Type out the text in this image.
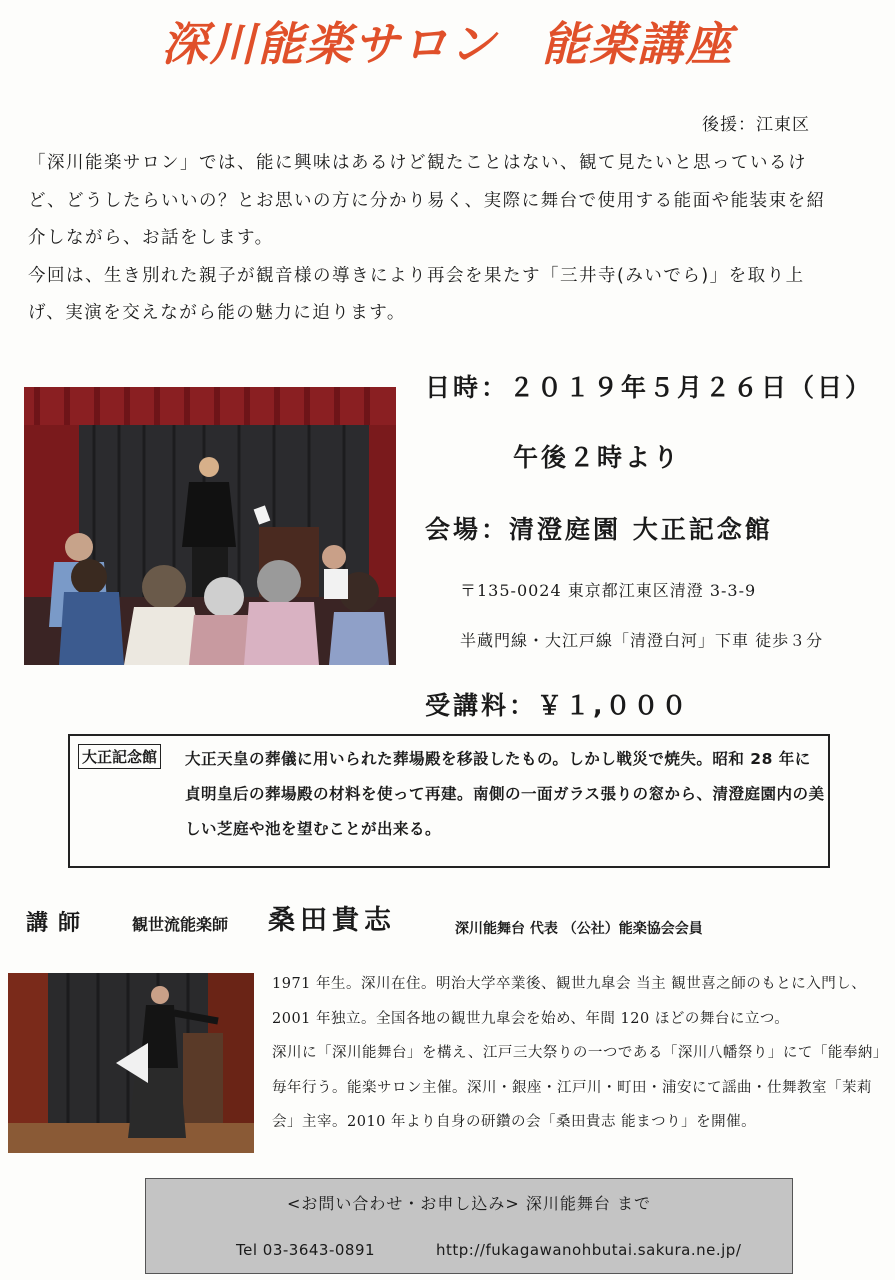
深川能楽サロン 能楽講座
後援：江東区

「深川能楽サロン」では、能に興味はあるけど観たことはない、観て見たいと思っているけど、どうしたらいいの？とお思いの方に分かり易く、実際に舞台で使用する能面や能装束を紹介しながら、お話をします。

今回は、生き別れた親子が観音様の導きにより再会を果たす「三井寺(みいでら)」を取り上げ、実演を交えながら能の魅力に迫ります。

日時：２０１９年５月２６日（日）
午後２時より
会場：清澄庭園 大正記念館
〒135-0024 東京都江東区清澄 3-3-9
半蔵門線・大江戸線「清澄白河」下車 徒歩３分
受講料：￥１,０００
大正記念館 大正天皇の葬儀に用いられた葬場殿を移設したもの。しかし戦災で焼失。昭和 28 年に貞明皇后の葬場殿の材料を使って再建。南側の一面ガラス張りの窓から、清澄庭園内の美しい芝庭や池を望むことが出来る。
講師	観世流能楽師 桑田貴志	深川能舞台 代表 （公社）能楽協会会員

1971 年生。深川在住。明治大学卒業後、観世九皐会 当主 観世喜之師のもとに入門し、2001 年独立。全国各地の観世九皐会を始め、年間 120 ほどの舞台に立つ。

深川に「深川能舞台」を構え、江戸三大祭りの一つである「深川八幡祭り」にて「能奉納」毎年行う。能楽サロン主催。深川・銀座・江戸川・町田・浦安にて謡曲・仕舞教室「茉莉会」主宰。2010 年より自身の研鑽の会「桑田貴志 能まつり」を開催。

<お問い合わせ・お申し込み> 深川能舞台 まで
Tel 03-3643-0891	http://fukagawanohbutai.sakura.ne.jp/
